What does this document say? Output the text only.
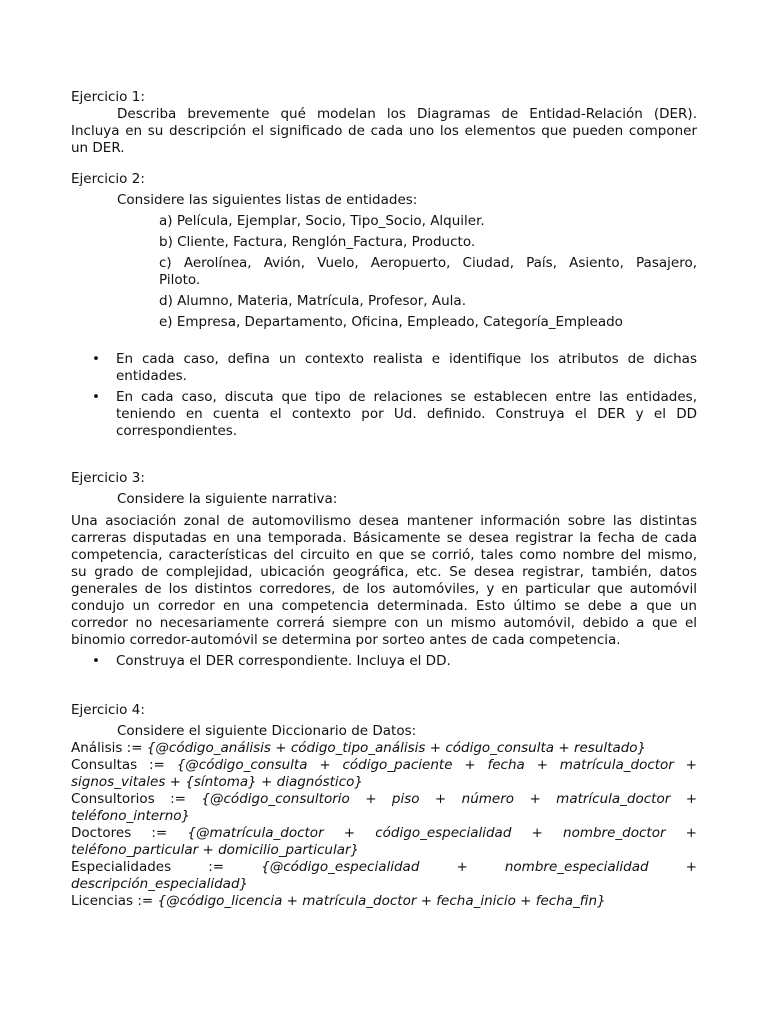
Ejercicio 1:
Describa brevemente qué modelan los Diagramas de Entidad-Relación (DER).
Incluya en su descripción el significado de cada uno los elementos que pueden componer
un DER.
Ejercicio 2:
Considere las siguientes listas de entidades:
a) Película, Ejemplar, Socio, Tipo_Socio, Alquiler.
b) Cliente, Factura, Renglón_Factura, Producto.
c) Aerolínea, Avión, Vuelo, Aeropuerto, Ciudad, País, Asiento, Pasajero,
Piloto.
d) Alumno, Materia, Matrícula, Profesor, Aula.
e) Empresa, Departamento, Oficina, Empleado, Categoría_Empleado
• En cada caso, defina un contexto realista e identifique los atributos de dichas
entidades.
• En cada caso, discuta que tipo de relaciones se establecen entre las entidades,
teniendo en cuenta el contexto por Ud. definido. Construya el DER y el DD
correspondientes.
Ejercicio 3:
Considere la siguiente narrativa:
Una asociación zonal de automovilismo desea mantener información sobre las distintas
carreras disputadas en una temporada. Básicamente se desea registrar la fecha de cada
competencia, características del circuito en que se corrió, tales como nombre del mismo,
su grado de complejidad, ubicación geográfica, etc. Se desea registrar, también, datos
generales de los distintos corredores, de los automóviles, y en particular que automóvil
condujo un corredor en una competencia determinada. Esto último se debe a que un
corredor no necesariamente correrá siempre con un mismo automóvil, debido a que el
binomio corredor-automóvil se determina por sorteo antes de cada competencia.
• Construya el DER correspondiente. Incluya el DD.
Ejercicio 4:
Considere el siguiente Diccionario de Datos:
Análisis := {@código_análisis + código_tipo_análisis + código_consulta + resultado}
Consultas := {@código_consulta + código_paciente + fecha + matrícula_doctor +
signos_vitales + {síntoma} + diagnóstico}
Consultorios := {@código_consultorio + piso + número + matrícula_doctor +
teléfono_interno}
Doctores := {@matrícula_doctor + código_especialidad + nombre_doctor +
teléfono_particular + domicilio_particular}
Especialidades := {@código_especialidad + nombre_especialidad +
descripción_especialidad}
Licencias := {@código_licencia + matrícula_doctor + fecha_inicio + fecha_fin}
